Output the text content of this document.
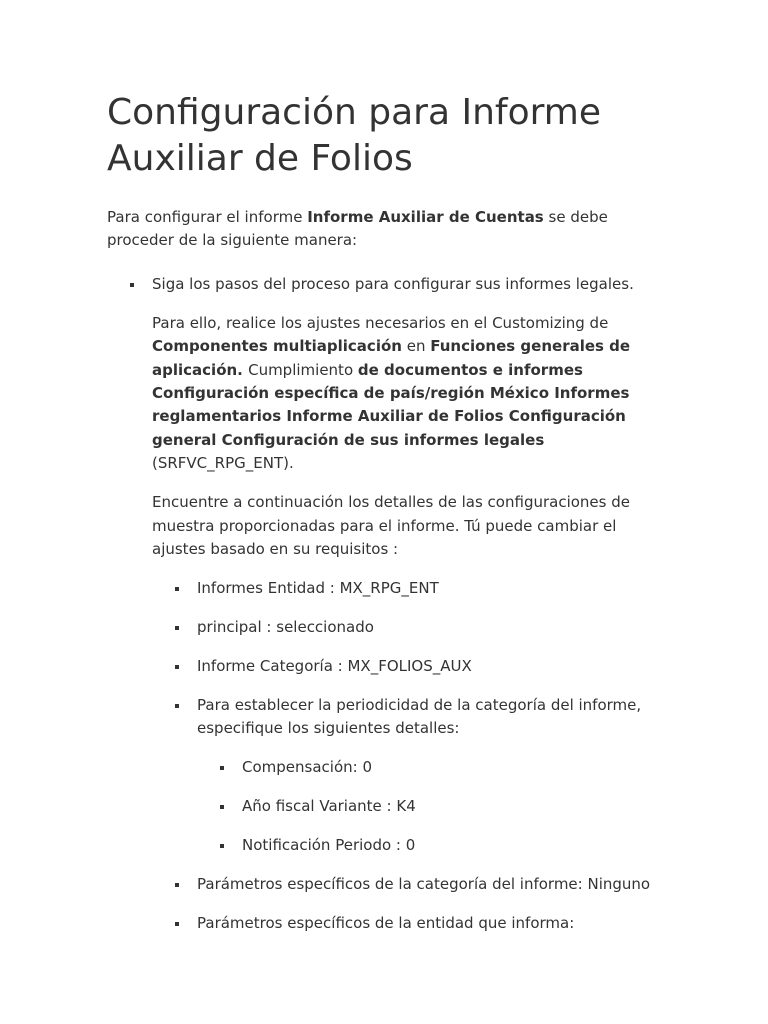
Configuración para Informe Auxiliar de Folios

Para configurar el informe Informe Auxiliar de Cuentas se debe proceder de la siguiente manera:

Siga los pasos del proceso para configurar sus informes legales.

Para ello, realice los ajustes necesarios en el Customizing de Componentes multiaplicación en Funciones generales de aplicación. Cumplimiento de documentos e informes Configuración específica de país/región México Informes reglamentarios Informe Auxiliar de Folios Configuración general Configuración de sus informes legales (SRFVC_RPG_ENT).

Encuentre a continuación los detalles de las configuraciones de muestra proporcionadas para el informe. Tú puede cambiar el ajustes basado en su requisitos :

Informes Entidad : MX_RPG_ENT
principal : seleccionado
Informe Categoría : MX_FOLIOS_AUX
Para establecer la periodicidad de la categoría del informe, especifique los siguientes detalles:
Compensación: 0
Año fiscal Variante : K4
Notificación Periodo : 0
Parámetros específicos de la categoría del informe: Ninguno
Parámetros específicos de la entidad que informa:
